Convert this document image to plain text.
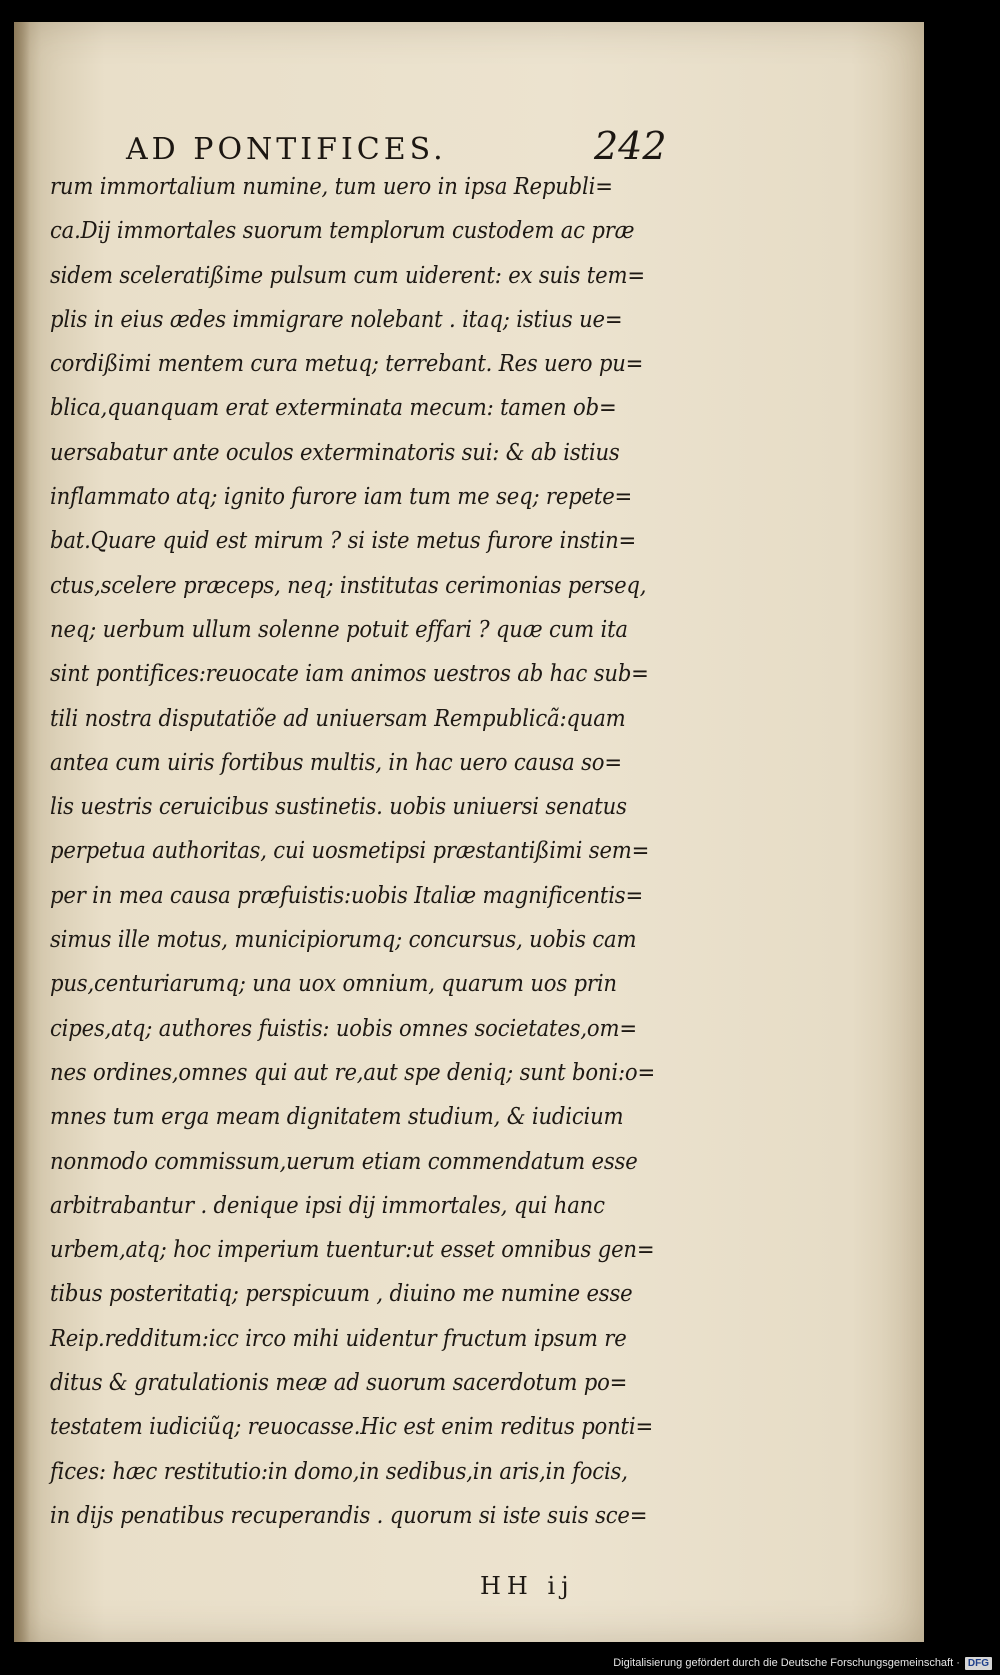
AD PONTIFICES.	242
rum immortalium numine, tum uero in ipsa Republi=
ca.Dij immortales suorum templorum custodem ac præ
sidem sceleratißime pulsum cum uiderent: ex suis tem=
plis in eius ædes immigrare nolebant . itaq; istius ue=
cordißimi mentem cura metuq; terrebant. Res uero pu=
blica,quanquam erat exterminata mecum: tamen ob=
uersabatur ante oculos exterminatoris sui: & ab istius
inflammato atq; ignito furore iam tum me seq; repete=
bat.Quare quid est mirum ? si iste metus furore instin=
ctus,scelere præceps, neq; institutas cerimonias perseq,
neq; uerbum ullum solenne potuit effari ? quæ cum ita
sint pontifices:reuocate iam animos uestros ab hac sub=
tili nostra disputatiõe ad uniuersam Rempublicã:quam
antea cum uiris fortibus multis, in hac uero causa so=
lis uestris ceruicibus sustinetis. uobis uniuersi senatus
perpetua authoritas, cui uosmetipsi præstantißimi sem=
per in mea causa præfuistis:uobis Italiæ magnificentis=
simus ille motus, municipiorumq; concursus, uobis cam
pus,centuriarumq; una uox omnium, quarum uos prin
cipes,atq; authores fuistis: uobis omnes societates,om=
nes ordines,omnes qui aut re,aut spe deniq; sunt boni:o=
mnes tum erga meam dignitatem studium, & iudicium
nonmodo commissum,uerum etiam commendatum esse
arbitrabantur . denique ipsi dij immortales, qui hanc
urbem,atq; hoc imperium tuentur:ut esset omnibus gen=
tibus posteritatiq; perspicuum , diuino me numine esse
Reip.redditum:icc irco mihi uidentur fructum ipsum re
ditus & gratulationis meæ ad suorum sacerdotum po=
testatem iudiciũq; reuocasse.Hic est enim reditus ponti=
fices: hæc restitutio:in domo,in sedibus,in aris,in focis,
in dijs penatibus recuperandis . quorum si iste suis sce=
HH ij
Digitalisierung gefördert durch die Deutsche Forschungsgemeinschaft · DFG
